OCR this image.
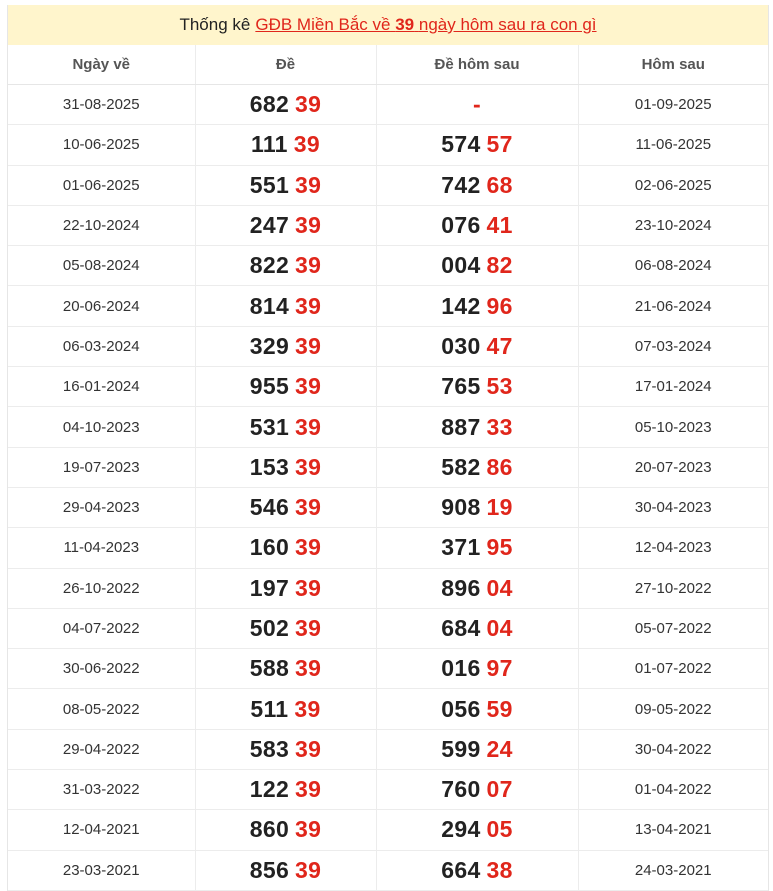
Thống kê GĐB Miền Bắc về 39 ngày hôm sau ra con gì
Ngày về	Đề	Đề hôm sau	Hôm sau
31-08-2025	682 39	-	01-09-2025
10-06-2025	111 39	574 57	11-06-2025
01-06-2025	551 39	742 68	02-06-2025
22-10-2024	247 39	076 41	23-10-2024
05-08-2024	822 39	004 82	06-08-2024
20-06-2024	814 39	142 96	21-06-2024
06-03-2024	329 39	030 47	07-03-2024
16-01-2024	955 39	765 53	17-01-2024
04-10-2023	531 39	887 33	05-10-2023
19-07-2023	153 39	582 86	20-07-2023
29-04-2023	546 39	908 19	30-04-2023
11-04-2023	160 39	371 95	12-04-2023
26-10-2022	197 39	896 04	27-10-2022
04-07-2022	502 39	684 04	05-07-2022
30-06-2022	588 39	016 97	01-07-2022
08-05-2022	511 39	056 59	09-05-2022
29-04-2022	583 39	599 24	30-04-2022
31-03-2022	122 39	760 07	01-04-2022
12-04-2021	860 39	294 05	13-04-2021
23-03-2021	856 39	664 38	24-03-2021
